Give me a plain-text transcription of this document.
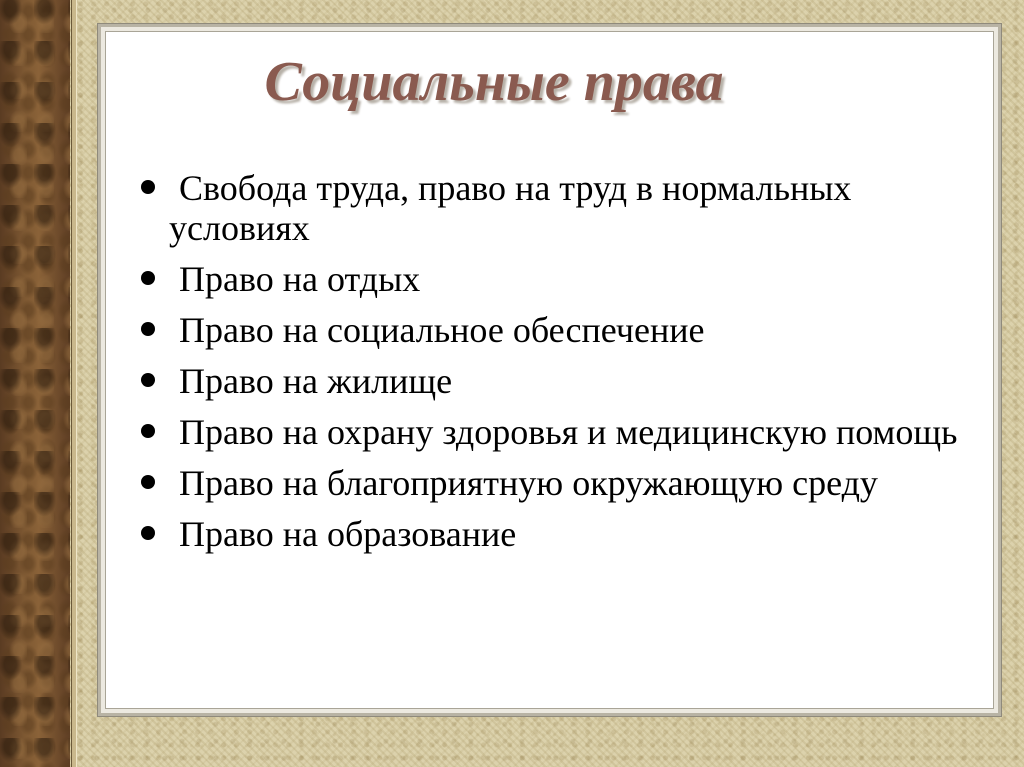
Социальные права
Свобода труда, право на труд в нормальных условиях
Право на отдых
Право на социальное обеспечение
Право на жилище
Право на охрану здоровья и медицинскую помощь
Право на благоприятную окружающую среду
Право на образование
